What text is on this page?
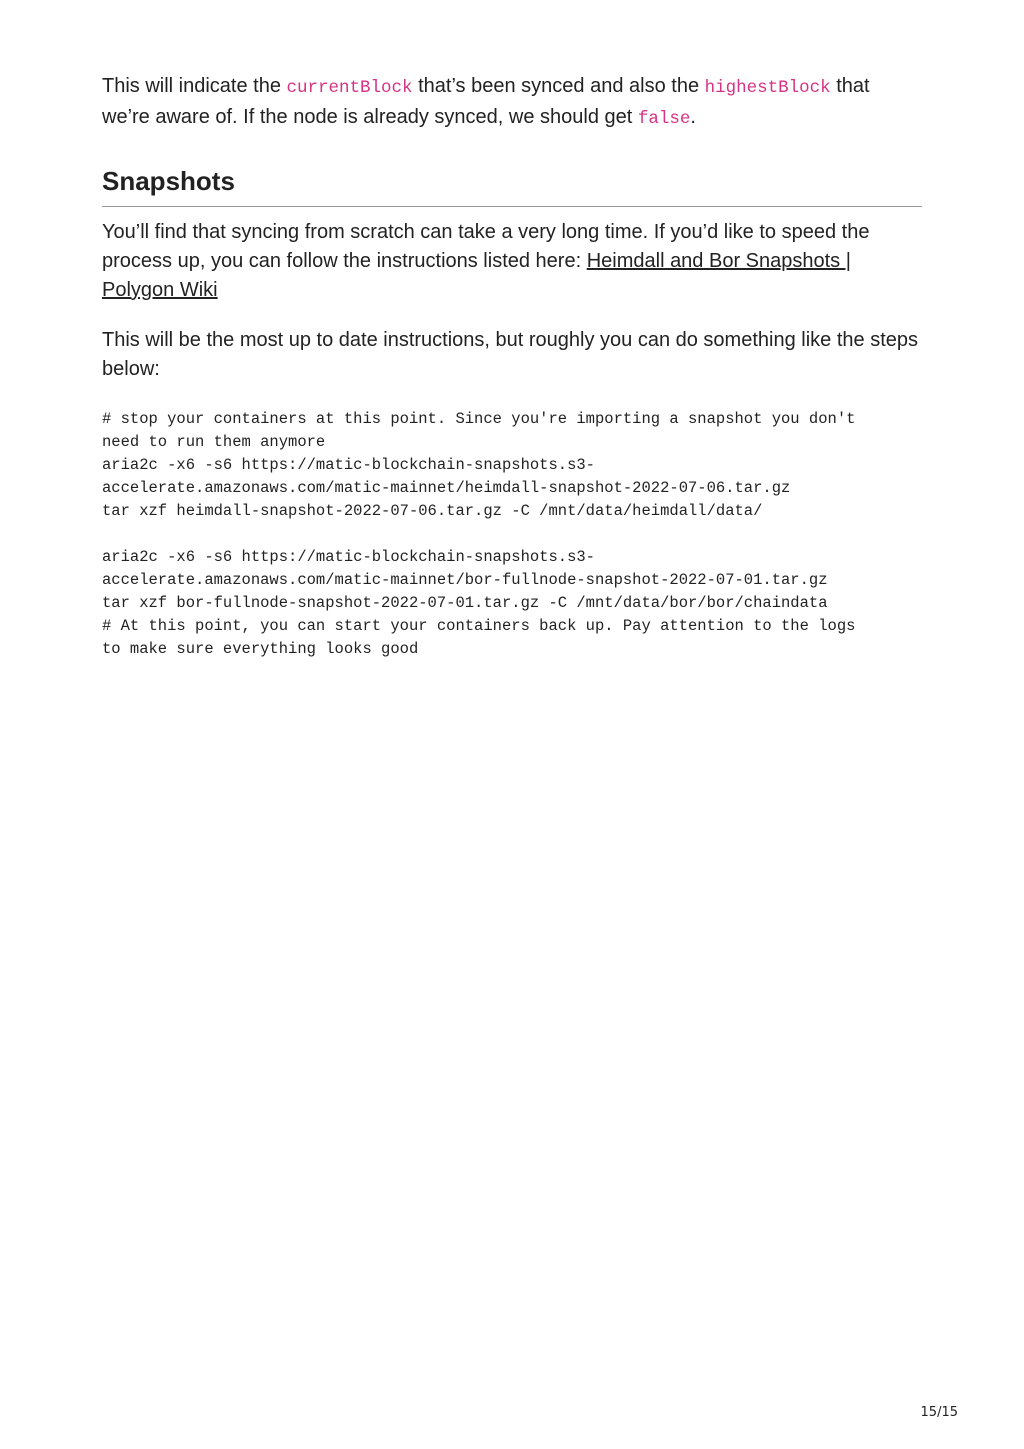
This will indicate the currentBlock that’s been synced and also the highestBlock that we’re aware of. If the node is already synced, we should get false.

Snapshots

You’ll find that syncing from scratch can take a very long time. If you’d like to speed the process up, you can follow the instructions listed here: Heimdall and Bor Snapshots | Polygon Wiki

This will be the most up to date instructions, but roughly you can do something like the steps below:

# stop your containers at this point. Since you're importing a snapshot you don't
need to run them anymore
aria2c -x6 -s6 https://matic-blockchain-snapshots.s3-
accelerate.amazonaws.com/matic-mainnet/heimdall-snapshot-2022-07-06.tar.gz
tar xzf heimdall-snapshot-2022-07-06.tar.gz -C /mnt/data/heimdall/data/
aria2c -x6 -s6 https://matic-blockchain-snapshots.s3-
accelerate.amazonaws.com/matic-mainnet/bor-fullnode-snapshot-2022-07-01.tar.gz
tar xzf bor-fullnode-snapshot-2022-07-01.tar.gz -C /mnt/data/bor/bor/chaindata
# At this point, you can start your containers back up. Pay attention to the logs
to make sure everything looks good
15/15
